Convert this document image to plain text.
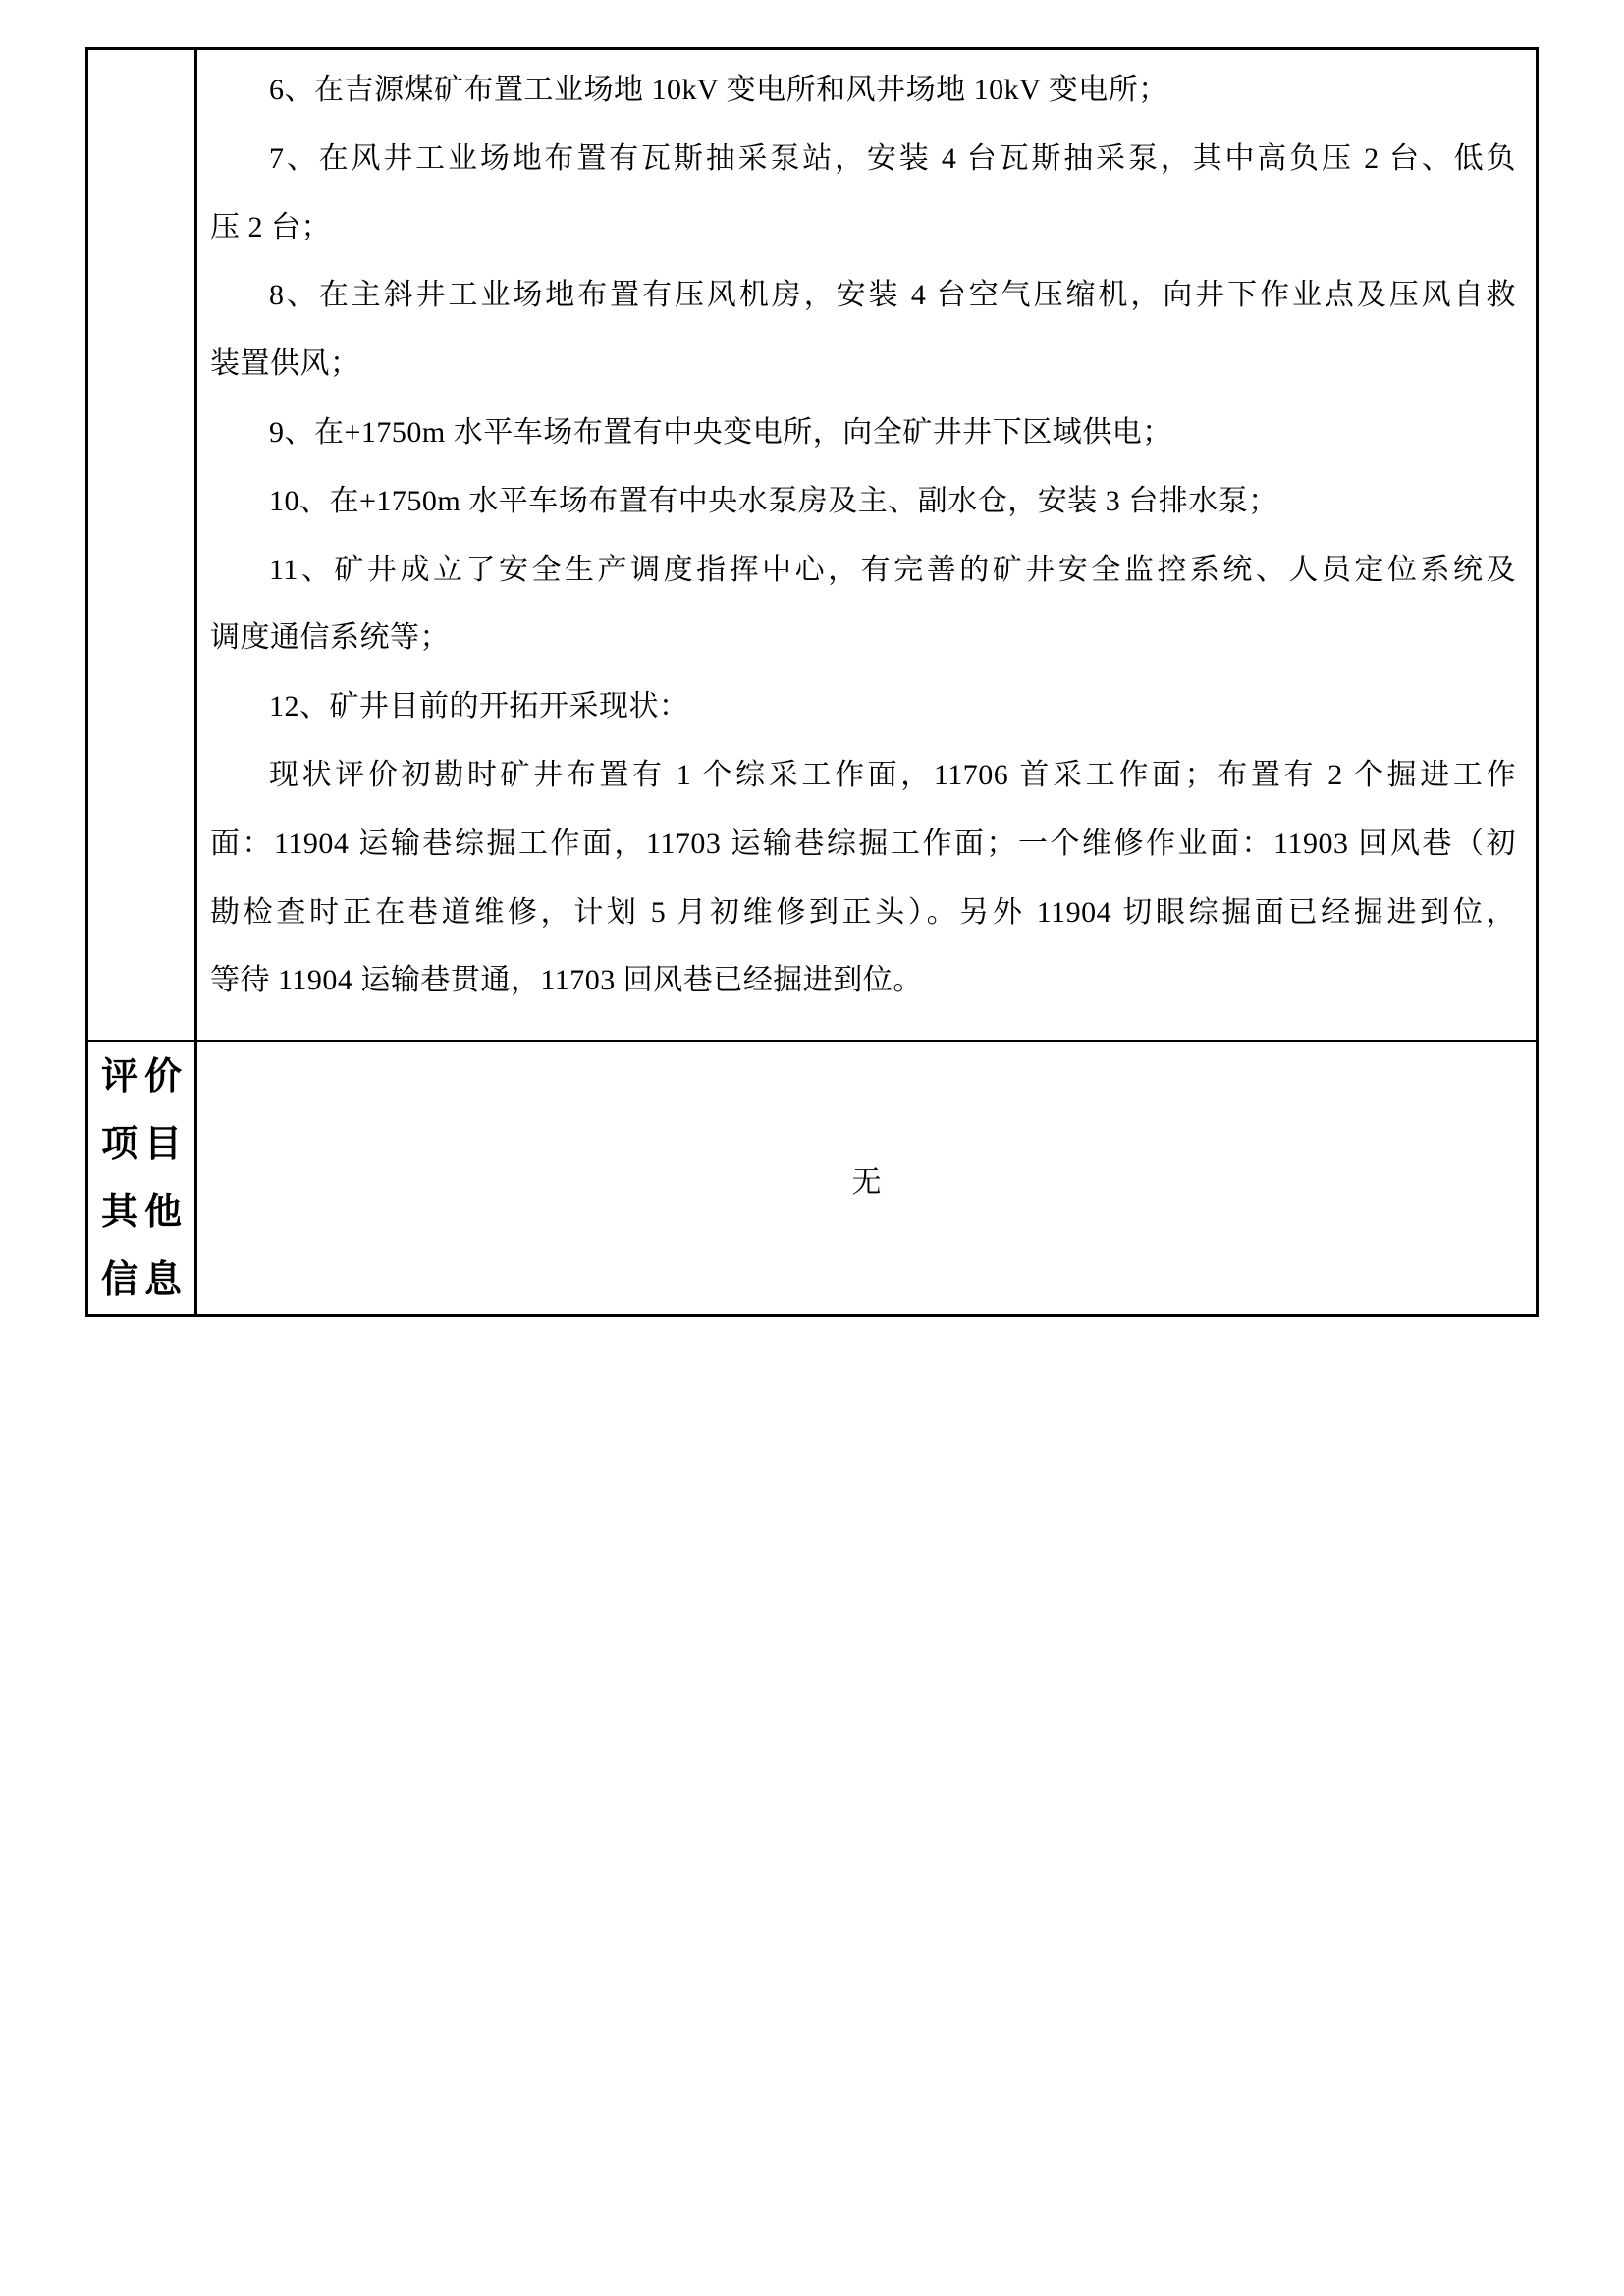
6、在吉源煤矿布置工业场地 10kV 变电所和风井场地 10kV 变电所；
7、在风井工业场地布置有瓦斯抽采泵站，安装 4 台瓦斯抽采泵，其中高负压 2 台、低负
压 2 台；
8、在主斜井工业场地布置有压风机房，安装 4 台空气压缩机，向井下作业点及压风自救
装置供风；
9、在+1750m 水平车场布置有中央变电所，向全矿井井下区域供电；
10、在+1750m 水平车场布置有中央水泵房及主、副水仓，安装 3 台排水泵；
11、矿井成立了安全生产调度指挥中心，有完善的矿井安全监控系统、人员定位系统及
调度通信系统等；
12、矿井目前的开拓开采现状：
现状评价初勘时矿井布置有 1 个综采工作面，11706 首采工作面；布置有 2 个掘进工作
面：11904 运输巷综掘工作面，11703 运输巷综掘工作面；一个维修作业面：11903 回风巷（初
勘检查时正在巷道维修，计划 5 月初维修到正头）。另外 11904 切眼综掘面已经掘进到位，
等待 11904 运输巷贯通，11703 回风巷已经掘进到位。
评价
项目
其他
信息
无
